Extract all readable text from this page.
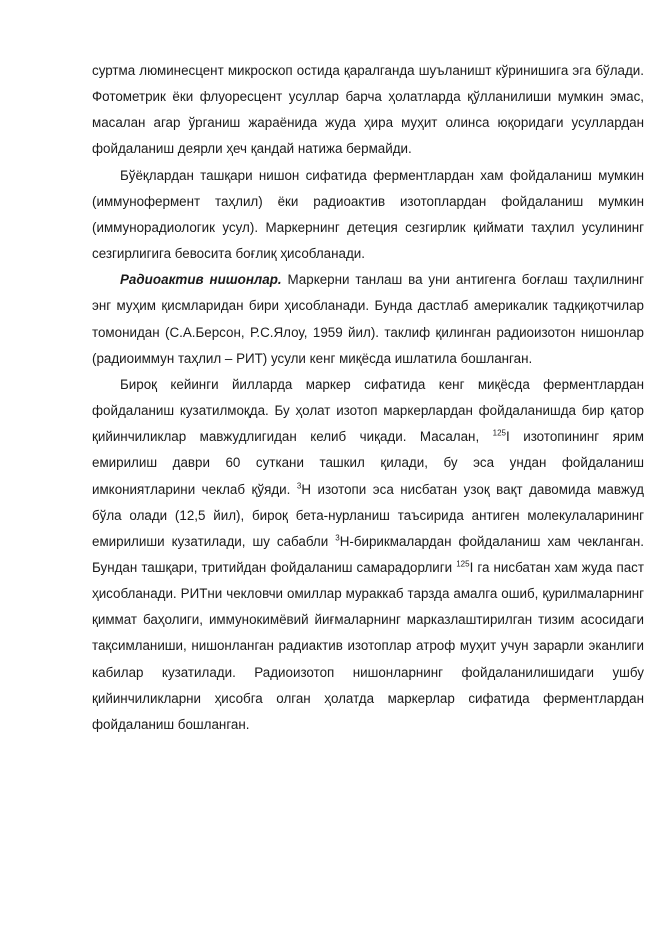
суртма люминесцент микроскоп остида қаралганда шуъланишт кўринишига эга бўлади. Фотометрик ёки флуоресцент усуллар барча ҳолатларда қўлланилиши мумкин эмас, масалан агар ўрганиш жараёнида жуда ҳира муҳит олинса юқоридаги усуллардан фойдаланиш деярли ҳеч қандай натижа бермайди.

Бўёқлардан ташқари нишон сифатида ферментлардан хам фойдаланиш мумкин (иммунофермент таҳлил) ёки радиоактив изотоплардан фойдаланиш мумкин (иммунорадиологик усул). Маркернинг детеция сезгирлик қиймати таҳлил усулининг сезгирлигига бевосита боғлиқ ҳисобланади.

Радиоактив нишонлар. Маркерни танлаш ва уни антигенга боғлаш таҳлилнинг энг муҳим қисмларидан бири ҳисобланади. Бунда дастлаб америкалик тадқиқотчилар томонидан (С.А.Берсон, Р.С.Ялоу, 1959 йил). таклиф қилинган радиоизотон нишонлар (радиоиммун таҳлил – РИТ) усули кенг миқёсда ишлатила бошланган.

Бироқ кейинги йилларда маркер сифатида кенг миқёсда ферментлардан фойдаланиш кузатилмоқда. Бу ҳолат изотоп маркерлардан фойдаланишда бир қатор қийинчиликлар мавжудлигидан келиб чиқади. Масалан, $^{125}$I изотопининг ярим емирилиш даври 60 суткани ташкил қилади, бу эса ундан фойдаланиш имкониятларини чеклаб қўяди. $^3$Н изотопи эса нисбатан узоқ вақт давомида мавжуд бўла олади (12,5 йил), бироқ бета-нурланиш таъсирида антиген молекулаларининг емирилиши кузатилади, шу сабабли $^3$Н-бирикмалардан фойдаланиш хам чекланган. Бундан ташқари, тритийдан фойдаланиш самарадорлиги $^{125}$I га нисбатан хам жуда паст ҳисобланади. РИТни чекловчи омиллар мураккаб тарзда амалга ошиб, қурилмаларнинг қиммат баҳолиги, иммунокимёвий йиғмаларнинг марказлаштирилган тизим асосидаги тақсимланиши, нишонланган радиактив изотоплар атроф муҳит учун зарарли эканлиги кабилар кузатилади. Радиоизотоп нишонларнинг фойдаланилишидаги ушбу қийинчиликларни ҳисобга олган ҳолатда маркерлар сифатида ферментлардан фойдаланиш бошланган.
